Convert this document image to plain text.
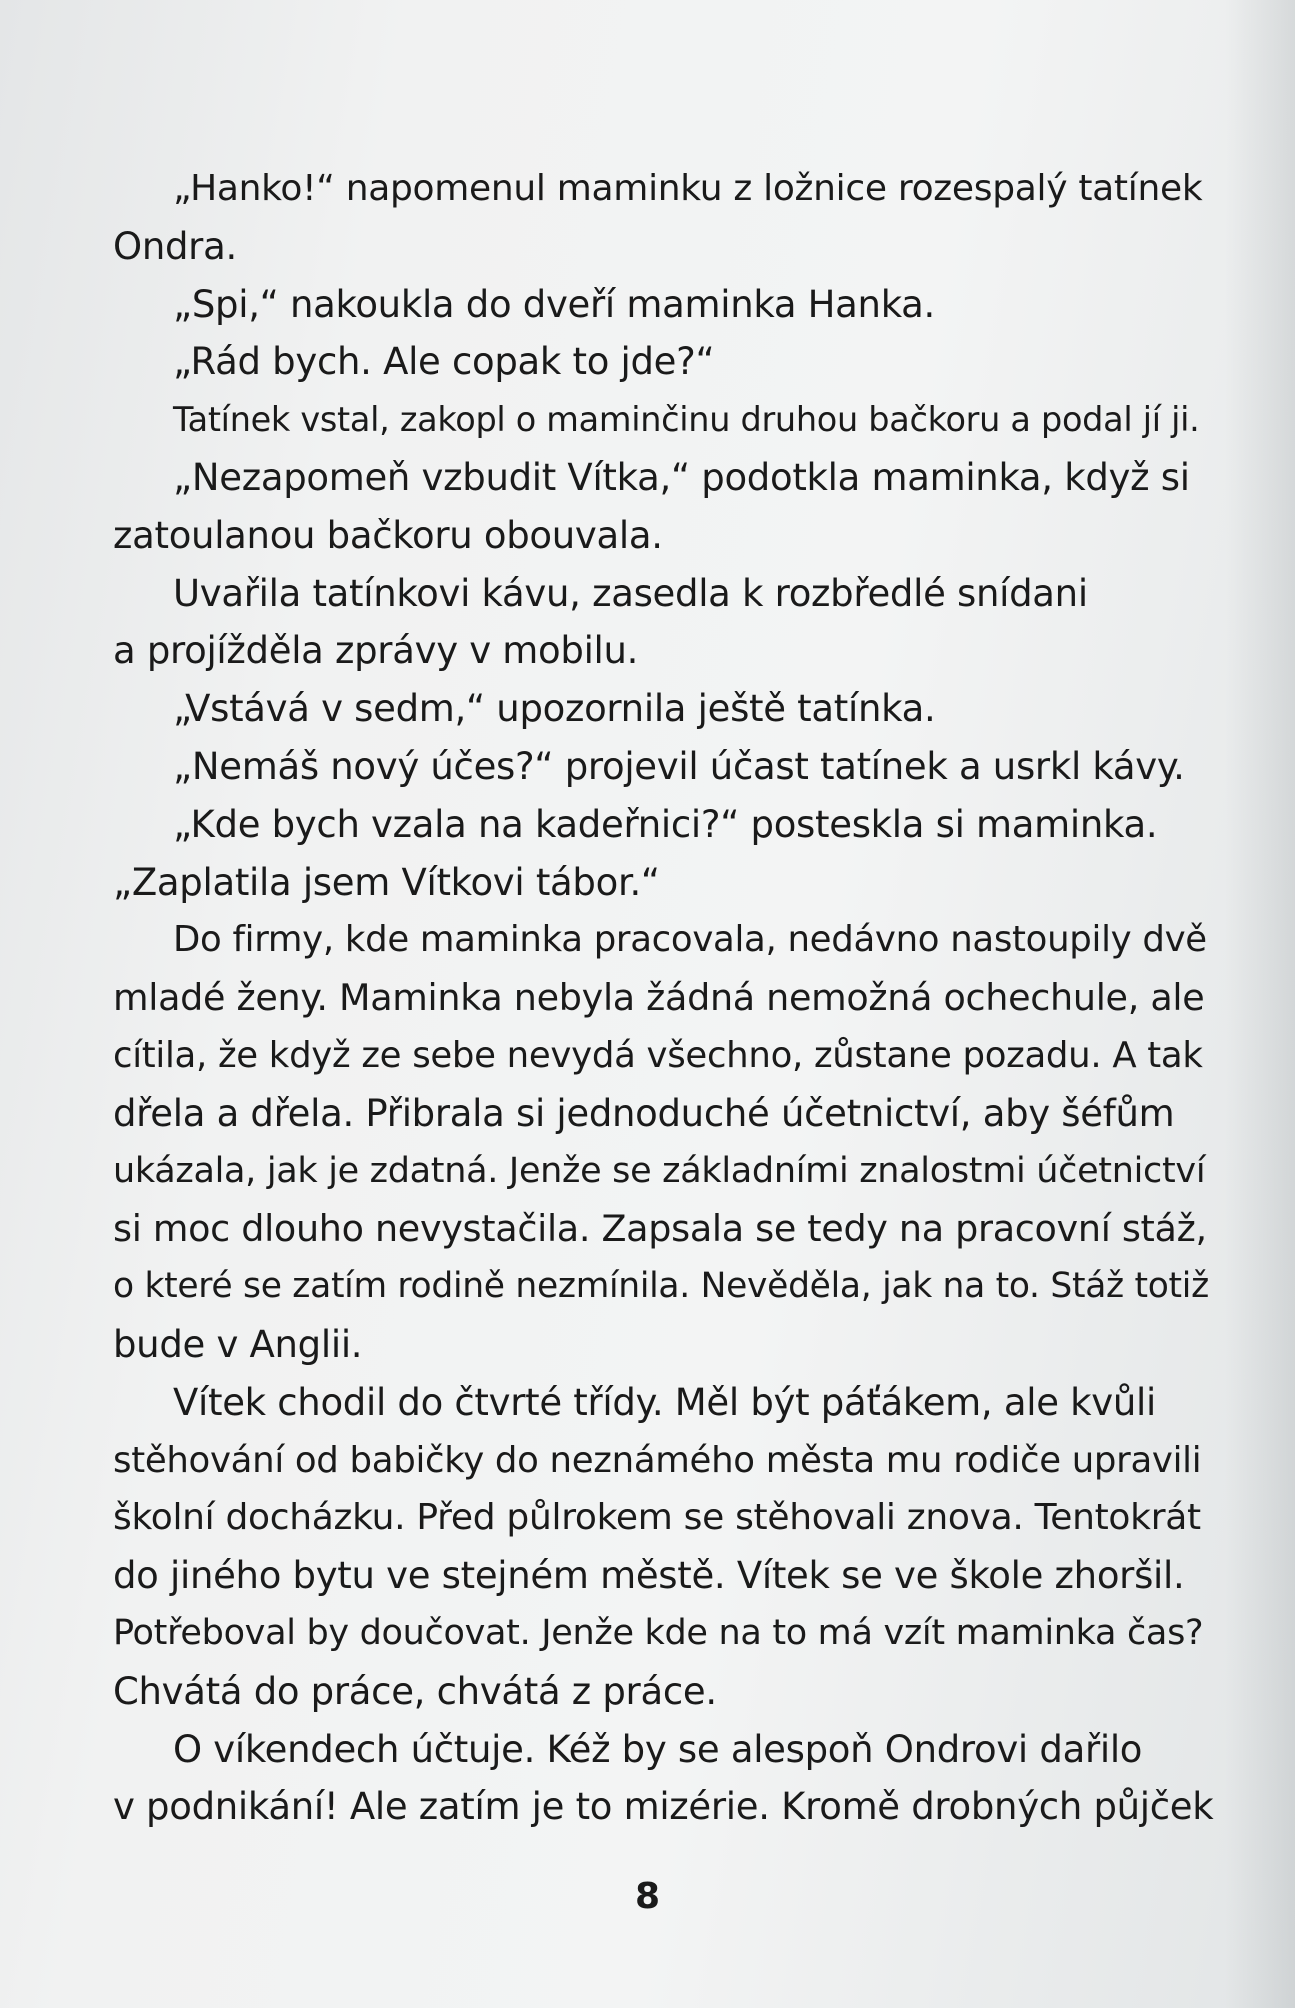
„Hanko!“ napomenul maminku z ložnice rozespalý tatínek
Ondra.
„Spi,“ nakoukla do dveří maminka Hanka.
„Rád bych. Ale copak to jde?“
Tatínek vstal, zakopl o maminčinu druhou bačkoru a podal jí ji.
„Nezapomeň vzbudit Vítka,“ podotkla maminka, když si
zatoulanou bačkoru obouvala.
Uvařila tatínkovi kávu, zasedla k rozbředlé snídani
a projížděla zprávy v mobilu.
„Vstává v sedm,“ upozornila ještě tatínka.
„Nemáš nový účes?“ projevil účast tatínek a usrkl kávy.
„Kde bych vzala na kadeřnici?“ posteskla si maminka.
„Zaplatila jsem Vítkovi tábor.“
Do firmy, kde maminka pracovala, nedávno nastoupily dvě
mladé ženy. Maminka nebyla žádná nemožná ochechule, ale
cítila, že když ze sebe nevydá všechno, zůstane pozadu. A tak
dřela a dřela. Přibrala si jednoduché účetnictví, aby šéfům
ukázala, jak je zdatná. Jenže se základními znalostmi účetnictví
si moc dlouho nevystačila. Zapsala se tedy na pracovní stáž,
o které se zatím rodině nezmínila. Nevěděla, jak na to. Stáž totiž
bude v Anglii.
Vítek chodil do čtvrté třídy. Měl být páťákem, ale kvůli
stěhování od babičky do neznámého města mu rodiče upravili
školní docházku. Před půlrokem se stěhovali znova. Tentokrát
do jiného bytu ve stejném městě. Vítek se ve škole zhoršil.
Potřeboval by doučovat. Jenže kde na to má vzít maminka čas?
Chvátá do práce, chvátá z práce.
O víkendech účtuje. Kéž by se alespoň Ondrovi dařilo
v podnikání! Ale zatím je to mizérie. Kromě drobných půjček
8
